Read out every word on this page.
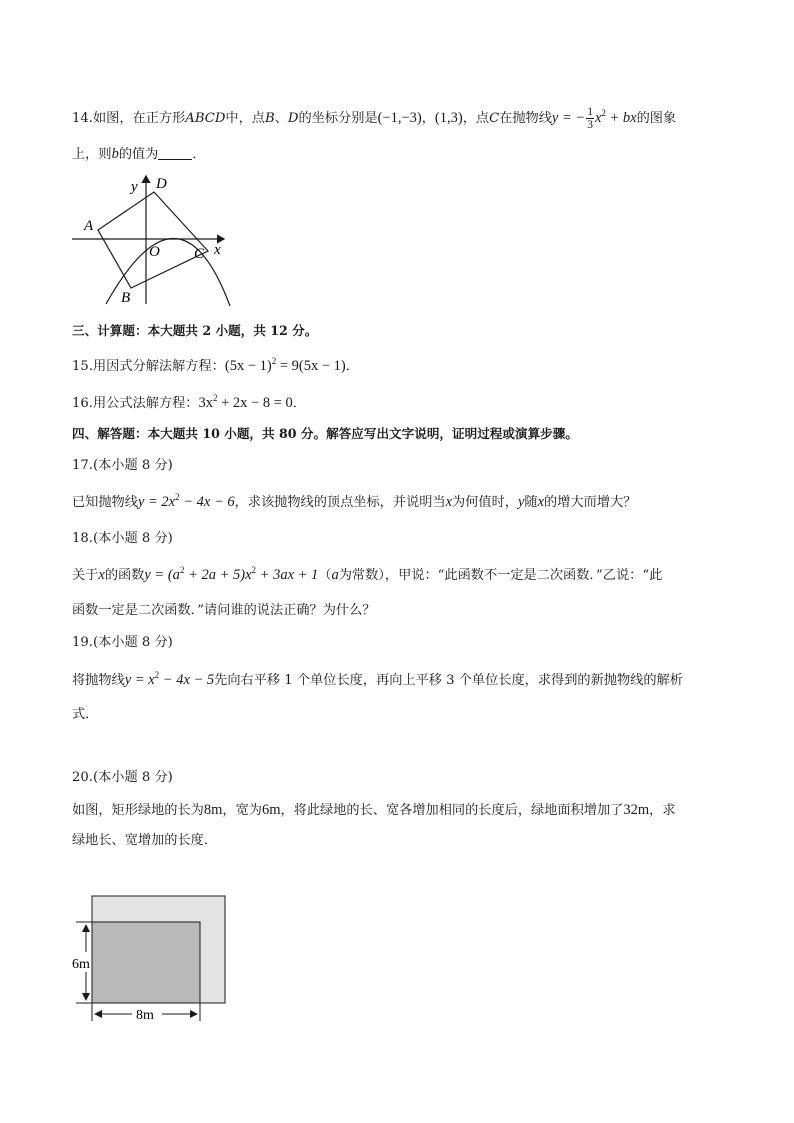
14.如图，在正方形ABCD中，点B、D的坐标分别是(−1,−3)，(1,3)，点C在抛物线y = − $\frac{1}{3} x^2$ + bx的图象
上，则b的值为	．
y D
A
O C x
B
三、计算题：本大题共 2 小题，共 12 分。
15.用因式分解法解方程：$(5x - 1)^2 = 9(5x - 1)$．
16.用公式法解方程：$3x^2 + 2x - 8 = 0$．
四、解答题：本大题共 10 小题，共 80 分。解答应写出文字说明，证明过程或演算步骤。
17.(本小题 8 分)
已知抛物线$y = 2x^2 - 4x - 6$，求该抛物线的顶点坐标，并说明当x为何值时，y随x的增大而增大？
18.(本小题 8 分)
关于x的函数$y = (a^2 + 2a + 5)x^2 + 3ax + 1(a$为常数），甲说：“此函数不一定是二次函数．”乙说：“此
函数一定是二次函数．”请问谁的说法正确？为什么？
19.(本小题 8 分)
将抛物线$y = x^2 - 4x - 5$先向右平移 1 个单位长度，再向上平移 3 个单位长度，求得到的新抛物线的解析
式．
20.(本小题 8 分)
如图，矩形绿地的长为8m，宽为6m，将此绿地的长、宽各增加相同的长度后，绿地面积增加了32m，求
绿地长、宽增加的长度．
6m
8m
